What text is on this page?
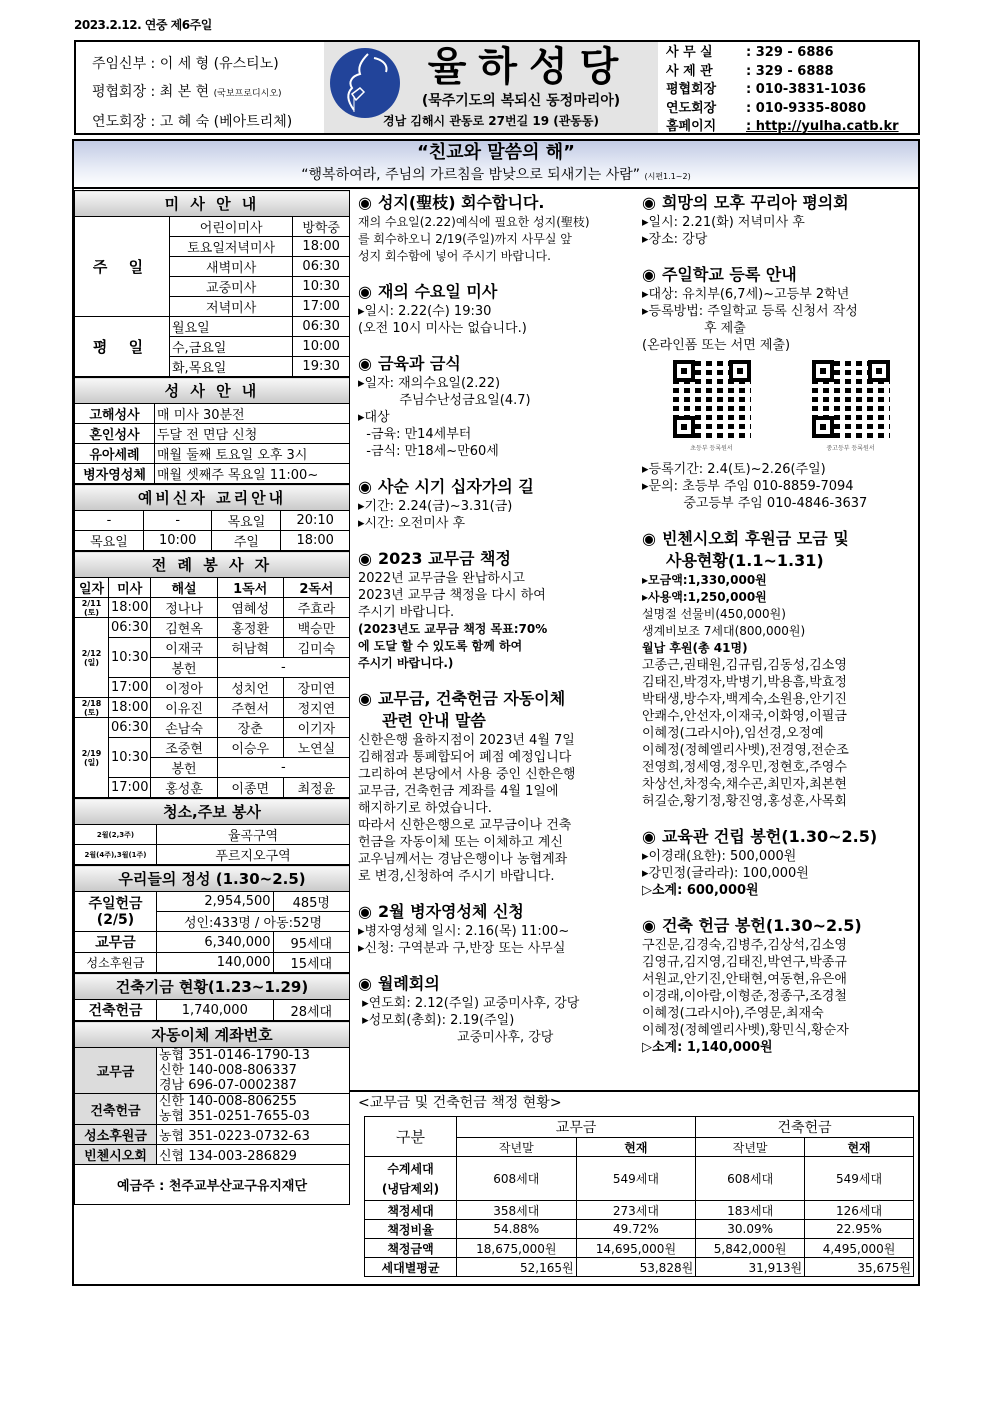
2023.2.12. 연중 제6주일
주임신부 : 이 세 형 (유스티노)
평협회장 : 최 본 현 (국보프로디시오)
연도회장 : 고 혜 숙 (베아트리체)
율하성당
(묵주기도의 복되신 동정마리아)
경남 김해시 관동로 27번길 19 (관동동)
사 무 실	: 329 - 6886
사 제 관	: 329 - 6888
평협회장 : 010-3831-1036
연도회장 : 010-9335-8080
홈페이지 : http://yulha.catb.kr
“친교와 말씀의 해”
“행복하여라, 주님의 가르침을 밤낮으로 되새기는 사람” (시편1.1~2)
미 사 안 내		
주 일	어린이미사	방학중
	토요일저녁미사	18:00
	새벽미사	06:30
	교중미사	10:30
	저녁미사	17:00
평 일	월요일	06:30
	수,금요일	10:00
	화,목요일	19:30
성 사 안 내	
고해성사	매 미사 30분전
혼인성사	두달 전 면담 신청
유아세례	매월 둘째 토요일 오후 3시
병자영성체	매월 셋째주 목요일 11:00~
예비신자 교리안내			
-	-	목요일	20:10
목요일	10:00	주일	18:00
전 례 봉 사 자				
일자	미사	해설	1독서	2독서
2/11
(토)	18:00	정나나	염혜성	주효라
2/12
(일)	06:30	김현옥	홍정환	백승만
	10:30	이재국	허남혁	김미숙
		봉헌	-	
	17:00	이정아	성치언	장미연
2/18
(토)	18:00	이유진	주현서	정지연
2/19
(일)	06:30	손남숙	장춘	이기자
	10:30	조중현	이승우	노연실
		봉헌	-	
	17:00	홍성훈	이종면	최정윤
청소,주보 봉사	
2월(2,3주)	율곡구역
2월(4주),3월(1주)	푸르지오구역
우리들의 정성 (1.30~2.5)		
주일헌금
(2/5)	2,954,500	485명
	성인:433명 / 아동:52명	
교무금	6,340,000	95세대
성소후원금	140,000	15세대
건축기금 현황(1.23~1.29)
건축헌금	1,740,000	28세대
자동이체 계좌번호	
교무금	농협 351-0146-1790-13
신한 140-008-806337
경남 696-07-0002387

건축헌금	신한 140-008-806255
농협 351-0251-7655-03

성소후원금	농협 351-0223-0732-63
빈첸시오회	신협 134-003-286829
예금주 : 천주교부산교구유지재단	
◉ 성지(聖枝) 회수합니다.

재의 수요일(2.22)예식에 필요한 성지(聖枝)

를 회수하오니 2/19(주일)까지 사무실 앞

성지 회수함에 넣어 주시기 바랍니다.

◉ 재의 수요일 미사

▸일시: 2.22(수) 19:30

(오전 10시 미사는 없습니다.)

◉ 금육과 금식

▸일자: 재의수요일(2.22)

주님수난성금요일(4.7)

▸대상

-금육: 만14세부터

-금식: 만18세~만60세

◉ 사순 시기 십자가의 길

▸기간: 2.24(금)~3.31(금)

▸시간: 오전미사 후

◉ 2023 교무금 책정

2022년 교무금을 완납하시고

2023년 교무금 책정을 다시 하여

주시기 바랍니다.

(2023년도 교무금 책정 목표:70%

에 도달 할 수 있도록 함께 하여

주시기 바랍니다.)

◉ 교무금, 건축헌금 자동이체
관련 안내 말씀

신한은행 율하지점이 2023년 4월 7일

김해점과 통폐합되어 폐점 예정입니다

그리하여 본당에서 사용 중인 신한은행

교무금, 건축헌금 계좌를 4월 1일에

해지하기로 하였습니다.

따라서 신한은행으로 교무금이나 건축

헌금을 자동이체 또는 이체하고 계신

교우님께서는 경남은행이나 농협계좌

로 변경,신청하여 주시기 바랍니다.

◉ 2월 병자영성체 신청

▸병자영성체 일시: 2.16(목) 11:00~

▸신청: 구역분과 구,반장 또는 사무실

◉ 월례회의

▸연도회: 2.12(주일) 교중미사후, 강당

▸성모회(총회): 2.19(주일)

교중미사후, 강당

◉ 희망의 모후 꾸리아 평의회

▸일시: 2.21(화) 저녁미사 후

▸장소: 강당

◉ 주일학교 등록 안내

▸대상: 유치부(6,7세)~고등부 2학년

▸등록방법: 주일학교 등록 신청서 작성

후 제출

(온라인폼 또는 서면 제출)

초등부 등록원서	중고등부 등록원서

▸등록기간: 2.4(토)~2.26(주일)

▸문의: 초등부 주임 010-8859-7094

중고등부 주임 010-4846-3637

◉ 빈첸시오회 후원금 모금 및
사용현황(1.1~1.31)

▸모금액:1,330,000원

▸사용액:1,250,000원

설명절 선물비(450,000원)

생계비보조 7세대(800,000원)

월납 후원(총 41명)

고종근,권태원,김규림,김동성,김소영

김태진,박경자,박병기,박용흠,박효정

박태생,방수자,백계숙,소원용,안기진

안쾌수,안선자,이재국,이화영,이필금

이혜정(그라시아),임선경,오정예

이혜정(정혜엘리사벳),전경영,전순조

전영희,정세영,정우민,정현호,주영수

차상선,차정숙,채수곤,최민자,최본현

허길순,황기정,황진영,홍성훈,사목회

◉ 교육관 건립 봉헌(1.30~2.5)

▸이경래(요한): 500,000원

▸강민정(글라라): 100,000원

▷소계: 600,000원

◉ 건축 헌금 봉헌(1.30~2.5)

구진문,김경숙,김병주,김상석,김소영

김영규,김지영,김태진,박연구,박종규

서원교,안기진,안태현,여동현,유은애

이경래,이아람,이형준,정종구,조경철

이혜정(그라시아),주영문,최재숙

이혜정(정혜엘리사벳),황민식,황순자

▷소계: 1,140,000원

<교무금 및 건축헌금 책정 현황>
구분	교무금		건축헌금	
	작년말	현재	작년말	현재
수계세대
(냉담제외)	608세대	549세대	608세대	549세대
책정세대	358세대	273세대	183세대	126세대
책정비율	54.88%	49.72%	30.09%	22.95%
책정금액	18,675,000원	14,695,000원	5,842,000원	4,495,000원
세대별평균	52,165원	53,828원	31,913원	35,675원
